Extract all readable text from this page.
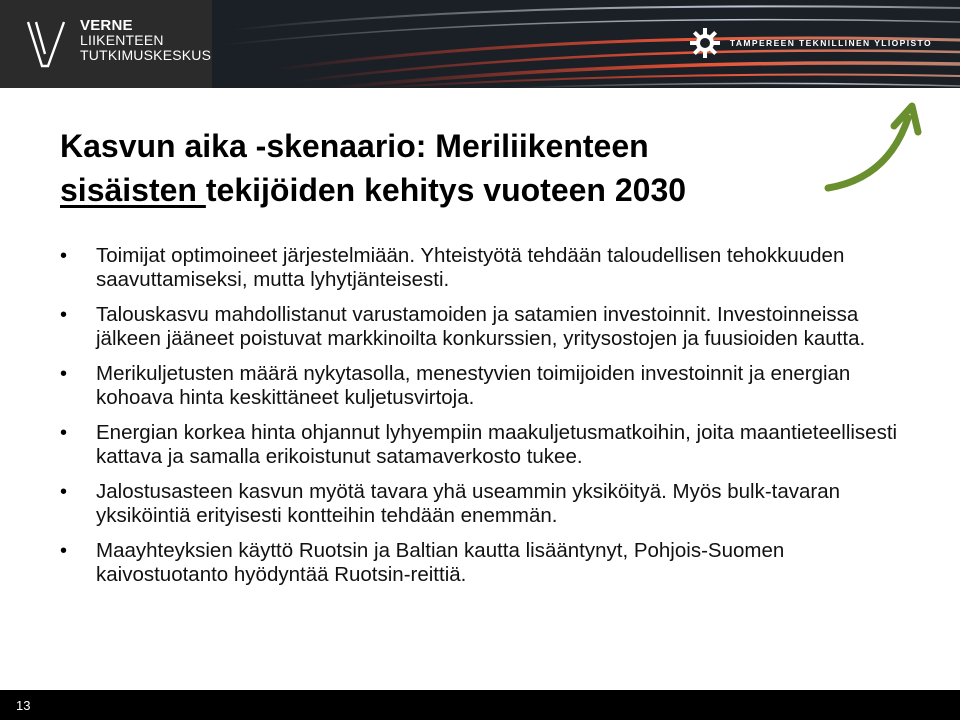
VERNE
LIIKENTEEN
TUTKIMUSKESKUS
TAMPEREEN TEKNILLINEN YLIOPISTO
Kasvun aika -skenaario: Meriliikenteen
sisäisten tekijöiden kehitys vuoteen 2030
• Toimijat optimoineet järjestelmiään. Yhteistyötä tehdään taloudellisen tehokkuuden saavuttamiseksi, mutta lyhytjänteisesti.
• Talouskasvu mahdollistanut varustamoiden ja satamien investoinnit. Investoinneissa jälkeen jääneet poistuvat markkinoilta konkurssien, yritysostojen ja fuusioiden kautta.
• Merikuljetusten määrä nykytasolla, menestyvien toimijoiden investoinnit ja energian kohoava hinta keskittäneet kuljetusvirtoja.
• Energian korkea hinta ohjannut lyhyempiin maakuljetusmatkoihin, joita maantieteellisesti kattava ja samalla erikoistunut satamaverkosto tukee.
• Jalostusasteen kasvun myötä tavara yhä useammin yksiköityä. Myös bulk-tavaran yksiköintiä erityisesti kontteihin tehdään enemmän.
• Maayhteyksien käyttö Ruotsin ja Baltian kautta lisääntynyt, Pohjois-Suomen kaivostuotanto hyödyntää Ruotsin-reittiä.
13
